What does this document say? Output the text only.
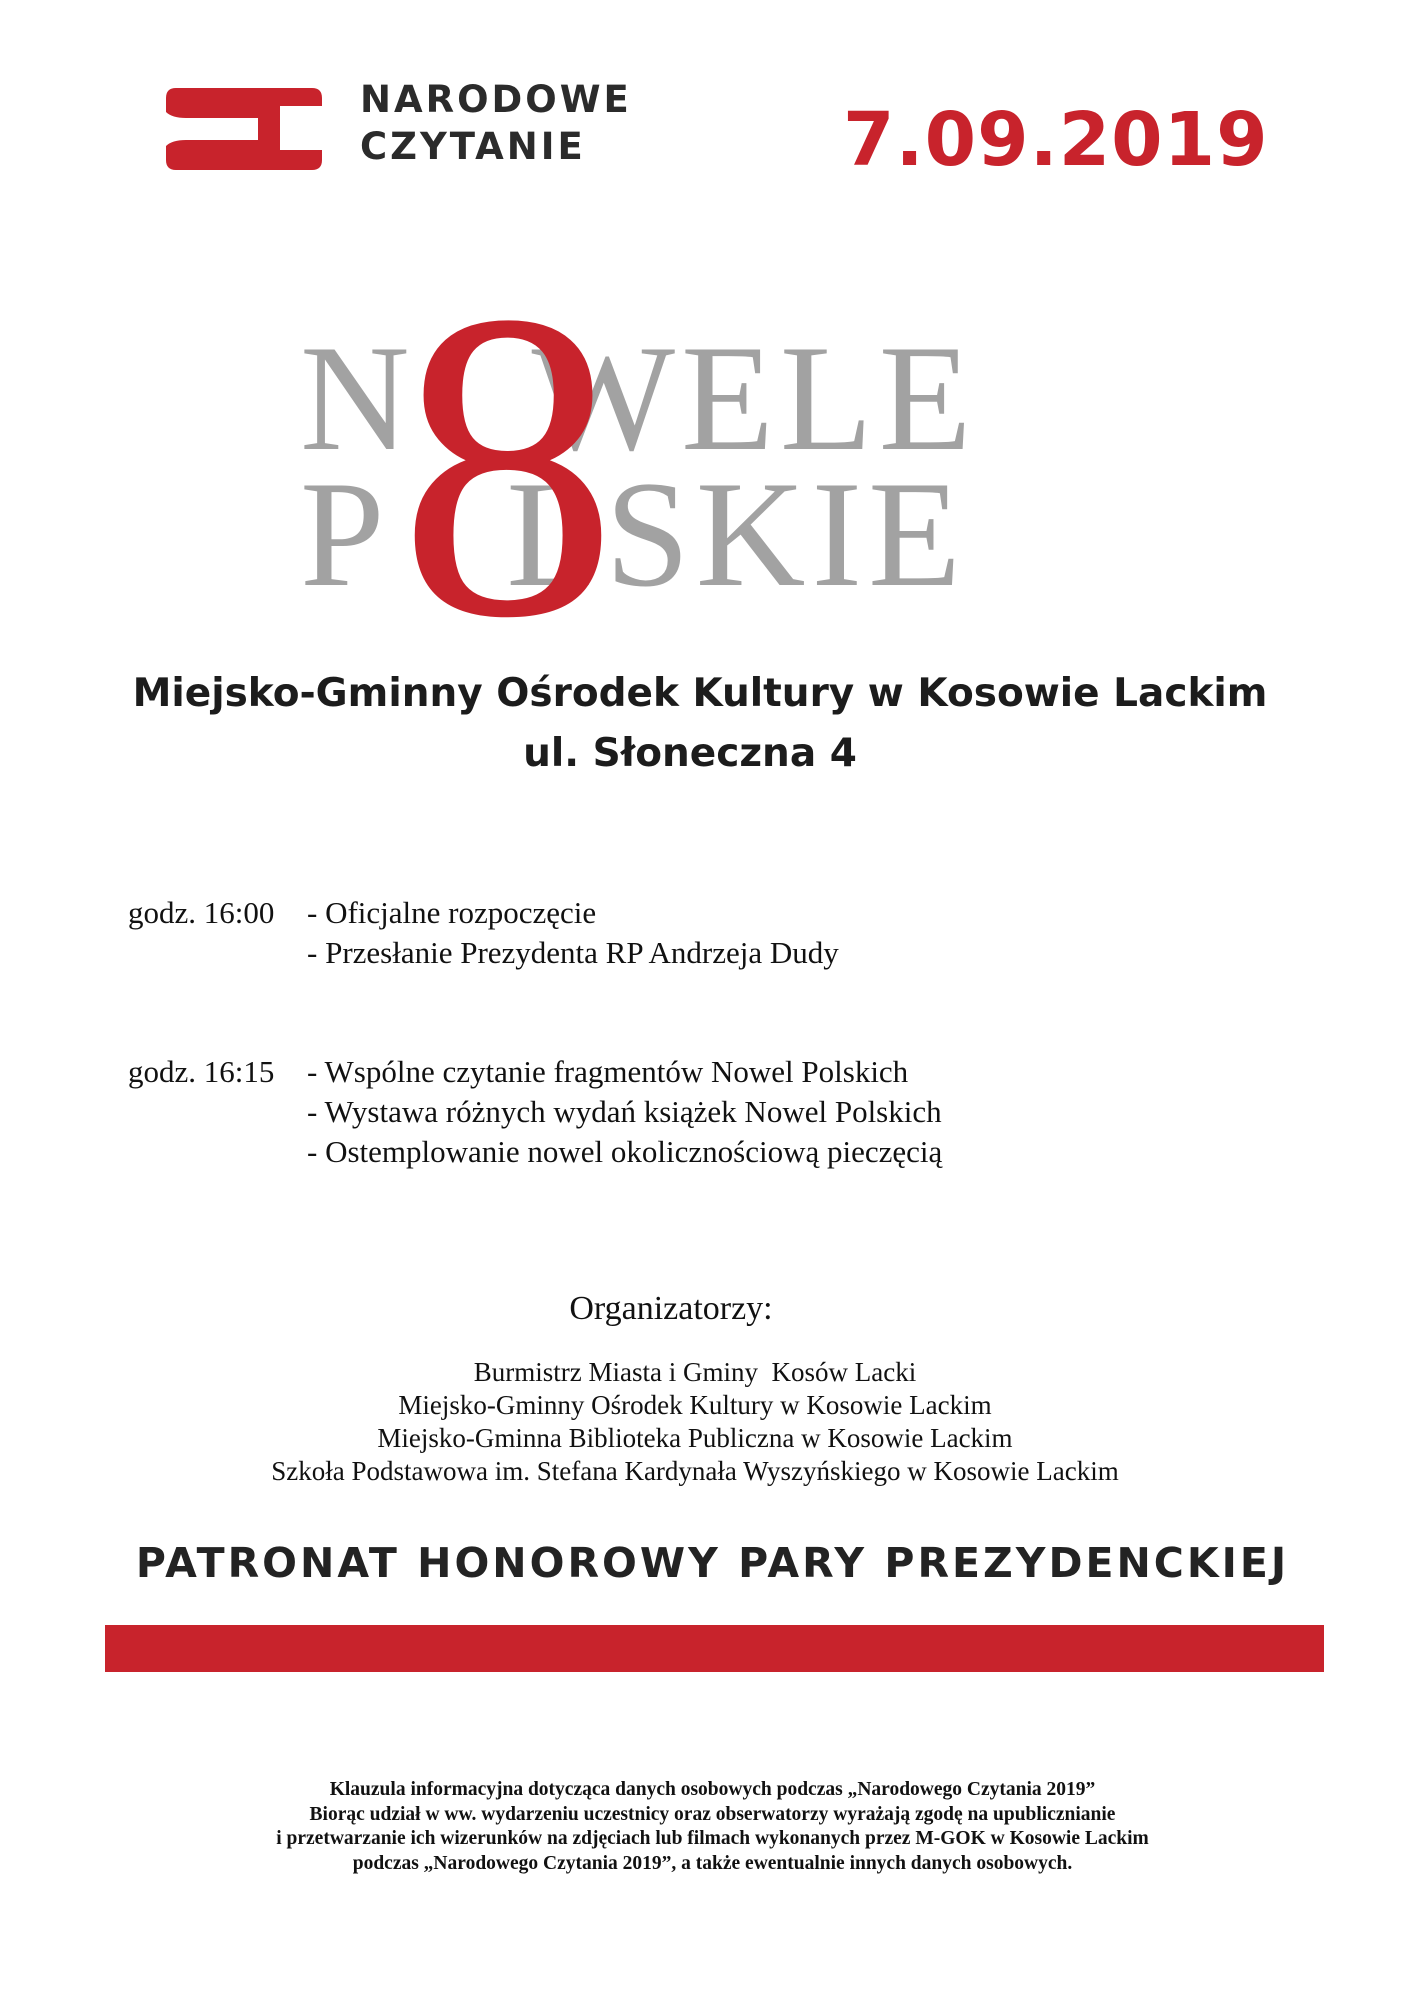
NARODOWE
CZYTANIE	7.09.2019
N WELE
P LSKIE
8
Miejsko-Gminny Ośrodek Kultury w Kosowie Lackim
ul. Słoneczna 4
godz. 16:00 - Oficjalne rozpoczęcie
- Przesłanie Prezydenta RP Andrzeja Dudy
godz. 16:15 - Wspólne czytanie fragmentów Nowel Polskich
- Wystawa różnych wydań książek Nowel Polskich
- Ostemplowanie nowel okolicznościową pieczęcią
Organizatorzy:
Burmistrz Miasta i Gminy  Kosów Lacki
Miejsko-Gminny Ośrodek Kultury w Kosowie Lackim
Miejsko-Gminna Biblioteka Publiczna w Kosowie Lackim
Szkoła Podstawowa im. Stefana Kardynała Wyszyńskiego w Kosowie Lackim
PATRONAT HONOROWY PARY PREZYDENCKIEJ
Klauzula informacyjna dotycząca danych osobowych podczas „Narodowego Czytania 2019”
Biorąc udział w ww. wydarzeniu uczestnicy oraz obserwatorzy wyrażają zgodę na upublicznianie
i przetwarzanie ich wizerunków na zdjęciach lub filmach wykonanych przez M-GOK w Kosowie Lackim
podczas „Narodowego Czytania 2019”, a także ewentualnie innych danych osobowych.
